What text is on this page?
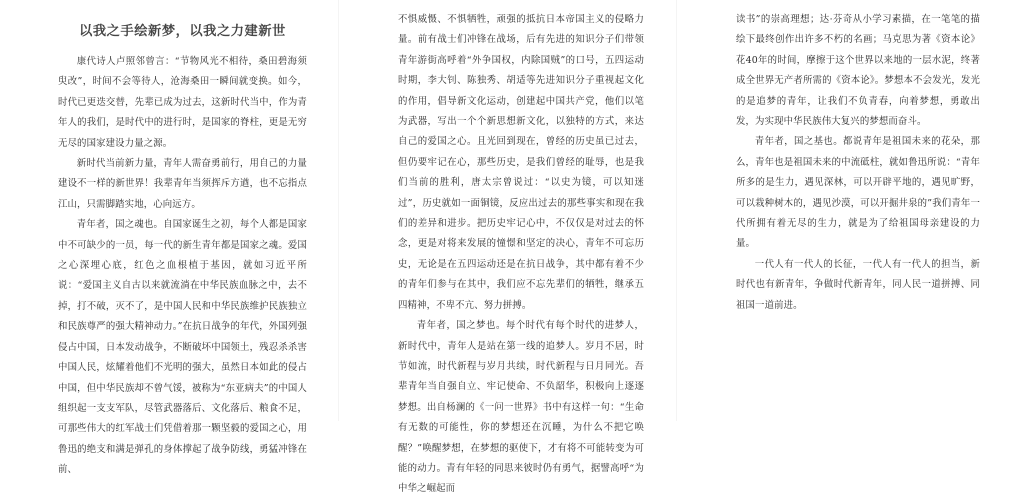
以我之手绘新梦，以我之力建新世

康代诗人卢照邻曾言：“节物风光不相待，桑田碧海须臾改”，时间不会等待人，沧海桑田一瞬间就变换。如今，时代已更迭交替，先辈已成为过去，这新时代当中，作为青年人的我们，是时代中的进行时，是国家的脊柱，更是无穷无尽的国家建设力量之源。

新时代当前新力量，青年人需奋勇前行，用自己的力量建设不一样的新世界！我辈青年当须挥斥方遒，也不忘指点江山，只需脚踏实地，心向远方。

青年者，国之魂也。自国家诞生之初，每个人都是国家中不可缺少的一员，每一代的新生青年都是国家之魂。爱国之心深埋心底，红色之血根植于基因，就如习近平所说：“爱国主义自古以来就流淌在中华民族血脉之中，去不掉，打不破，灭不了，是中国人民和中华民族维护民族独立和民族尊严的强大精神动力。”在抗日战争的年代，外国列强侵占中国，日本发动战争，不断破坏中国领土，残忍杀杀害中国人民，炫耀着他们不光明的强大，虽然日本如此的侵占中国，但中华民族却不曾气馁，被称为“东亚病夫”的中国人组织起一支支军队，尽管武器落后、文化落后、粮食不足，可那些伟大的红军战士们凭借着那一颗坚毅的爱国之心，用鲁迅的绝支和满是弹孔的身体撑起了战争防线，勇猛冲锋在前、

不惧威慑、不惧牺牲，顽强的抵抗日本帝国主义的侵略力量。前有战士们冲锋在战场，后有先进的知识分子们带领青年游街高呼着“外争国权，内除国贼”的口号，五四运动时期，李大钊、陈独秀、胡适等先进知识分子重视起文化的作用，倡导新文化运动，创建起中国共产党，他们以笔为武器，写出一个个新思想新文化，以独特的方式，来达自己的爱国之心。且光回到现在，曾经的历史虽已过去，但仍要牢记在心，那些历史，是我们曾经的耻辱，也是我们当前的胜利，唐太宗曾说过：“以史为镜，可以知迷过”，历史就如一面铜镜，反应出过去的那些事实和现在我们的差异和进步。把历史牢记心中，不仅仅是对过去的怀念，更是对将来发展的憧憬和坚定的决心，青年不可忘历史，无论是在五四运动还是在抗日战争，其中都有着不少的青年们参与在其中，我们应不忘先辈们的牺牲，继承五四精神，不卑不亢、努力拼搏。

青年者，国之梦也。每个时代有每个时代的进梦人，新时代中，青年人是站在第一线的追梦人。岁月不居，时节如流，时代新程与岁月共续，时代新程与日月同光。吾辈青年当自强自立、牢记使命、不负韶华，积极向上逐逐梦想。出自杨澜的《一问一世界》书中有这样一句：“生命有无数的可能性，你的梦想还在沉睡，为什么不把它唤醒？”唤醒梦想，在梦想的驱使下，才有将不可能转变为可能的动力。青有年轻的同思来彼时仍有勇气，据譬高呼“为中华之崛起而

读书”的崇高理想；达·芬奇从小学习素描，在一笔笔的描绘下最终创作出许多不朽的名画；马克思为著《资本论》花40年的时间，摩擦于这个世界以来地的一层水泥，终著成全世界无产者所需的《资本论》。梦想本不会发光，发光的是追梦的青年，让我们不负青春，向着梦想，勇敢出发，为实现中华民族伟大复兴的梦想而奋斗。

青年者，国之基也。都说青年是祖国未来的花朵，那么，青年也是祖国未来的中流砥柱，就如鲁迅所说：“青年所多的是生力，遇见深林，可以开辟平地的，遇见旷野，可以栽种树木的，遇见沙漠，可以开掘井泉的”我们青年一代所拥有着无尽的生力，就是为了给祖国母亲建设的力量。

一代人有一代人的长征，一代人有一代人的担当，新时代也有新青年，争做时代新青年，同人民一道拼搏、同祖国一道前进。
